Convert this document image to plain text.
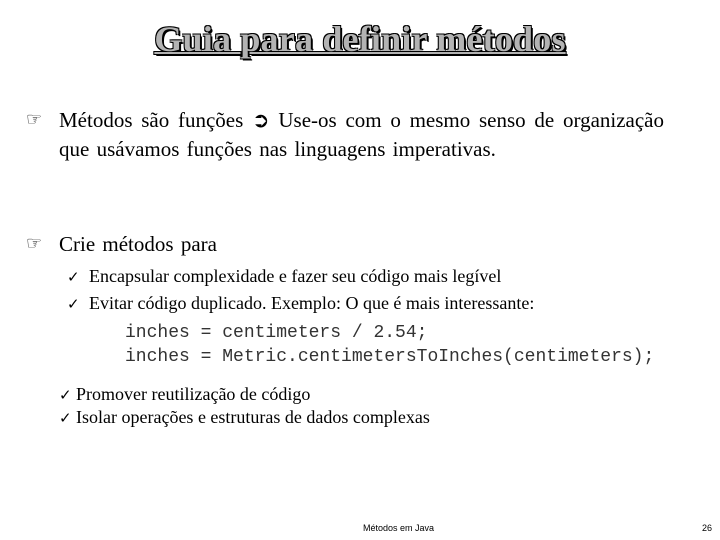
Guia para definir métodos
☞ Métodos são funções ➲ Use-os com o mesmo senso de organização que usávamos funções nas linguagens imperativas.
☞ Crie métodos para
✓ Encapsular complexidade e fazer seu código mais legível
✓ Evitar código duplicado. Exemplo: O que é mais interessante:
inches = centimeters / 2.54;
inches = Metric.centimetersToInches(centimeters);
✓ Promover reutilização de código
✓ Isolar operações e estruturas de dados complexas
Métodos em Java	26
